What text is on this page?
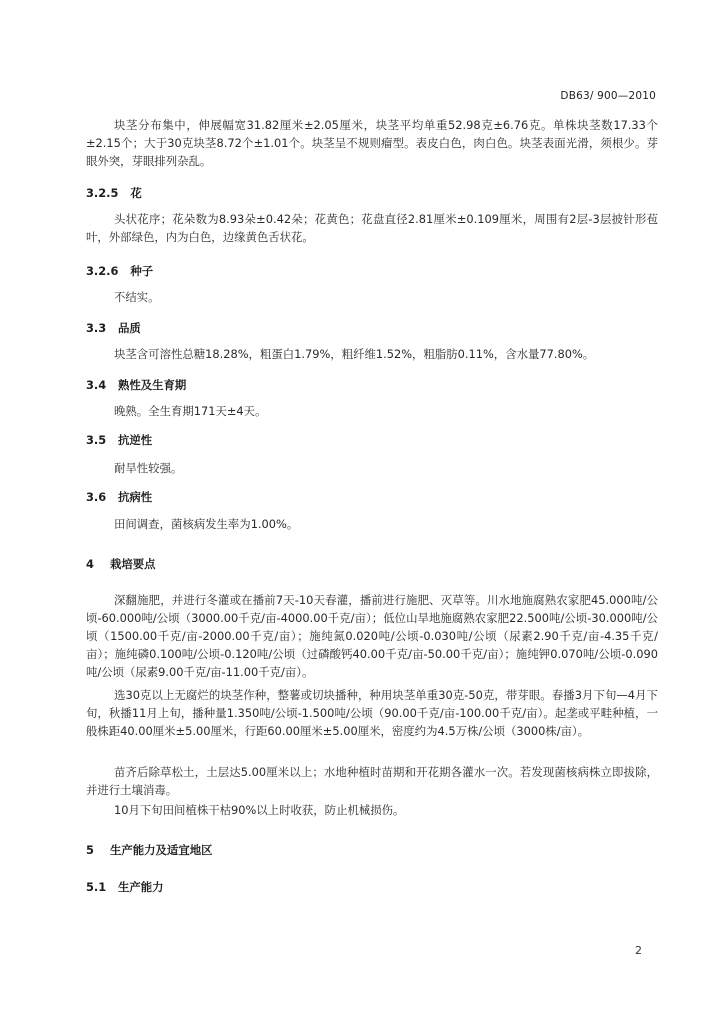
DB63/ 900—2010
块茎分布集中，伸展幅宽31.82厘米±2.05厘米，块茎平均单重52.98克±6.76克。单株块茎数17.33个±2.15个；大于30克块茎8.72个±1.01个。块茎呈不规则瘤型。表皮白色，肉白色。块茎表面光滑，须根少。芽眼外突，芽眼排列杂乱。
3.2.5 花
头状花序；花朵数为8.93朵±0.42朵；花黄色；花盘直径2.81厘米±0.109厘米，周围有2层-3层披针形苞叶，外部绿色，内为白色，边缘黄色舌状花。
3.2.6 种子
不结实。
3.3 品质
块茎含可溶性总糖18.28%，粗蛋白1.79%，粗纤维1.52%，粗脂肪0.11%，含水量77.80%。
3.4 熟性及生育期
晚熟。全生育期171天±4天。
3.5 抗逆性
耐旱性较强。
3.6 抗病性
田间调查，菌核病发生率为1.00%。
4 栽培要点
深翻施肥，并进行冬灌或在播前7天-10天春灌，播前进行施肥、灭草等。川水地施腐熟农家肥45.000吨/公顷-60.000吨/公顷（3000.00千克/亩-4000.00千克/亩）；低位山旱地施腐熟农家肥22.500吨/公顷-30.000吨/公顷（1500.00千克/亩-2000.00千克/亩）；施纯氮0.020吨/公顷-0.030吨/公顷（尿素2.90千克/亩-4.35千克/亩）；施纯磷0.100吨/公顷-0.120吨/公顷（过磷酸钙40.00千克/亩-50.00千克/亩）；施纯钾0.070吨/公顷-0.090吨/公顷（尿素9.00千克/亩-11.00千克/亩）。
选30克以上无腐烂的块茎作种，整薯或切块播种，种用块茎单重30克-50克，带芽眼。春播3月下旬—4月下旬，秋播11月上旬，播种量1.350吨/公顷-1.500吨/公顷（90.00千克/亩-100.00千克/亩）。起垄或平畦种植，一般株距40.00厘米±5.00厘米，行距60.00厘米±5.00厘米，密度约为4.5万株/公顷（3000株/亩）。
苗齐后除草松土，土层达5.00厘米以上；水地种植时苗期和开花期各灌水一次。若发现菌核病株立即拔除，并进行土壤消毒。
10月下旬田间植株干枯90%以上时收获，防止机械损伤。
5 生产能力及适宜地区
5.1 生产能力
2
